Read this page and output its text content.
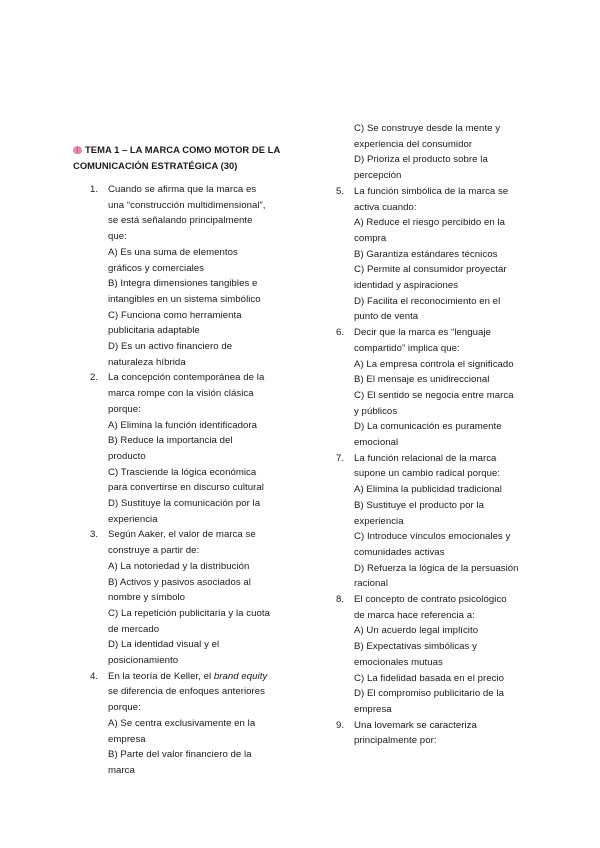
TEMA 1 – LA MARCA COMO MOTOR DE LA
COMUNICACIÓN ESTRATÉGICA (30)
1. Cuando se afirma que la marca es
una “construcción multidimensional”,
se está señalando principalmente
que:
A) Es una suma de elementos
gráficos y comerciales
B) Integra dimensiones tangibles e
intangibles en un sistema simbólico
C) Funciona como herramienta
publicitaria adaptable
D) Es un activo financiero de
naturaleza híbrida
2. La concepción contemporánea de la
marca rompe con la visión clásica
porque:
A) Elimina la función identificadora
B) Reduce la importancia del
producto
C) Trasciende la lógica económica
para convertirse en discurso cultural
D) Sustituye la comunicación por la
experiencia
3. Según Aaker, el valor de marca se
construye a partir de:
A) La notoriedad y la distribución
B) Activos y pasivos asociados al
nombre y símbolo
C) La repetición publicitaria y la cuota
de mercado
D) La identidad visual y el
posicionamiento
4. En la teoría de Keller, el brand equity
se diferencia de enfoques anteriores
porque:
A) Se centra exclusivamente en la
empresa
B) Parte del valor financiero de la
marca
C) Se construye desde la mente y
experiencia del consumidor
D) Prioriza el producto sobre la
percepción
5. La función simbólica de la marca se
activa cuando:
A) Reduce el riesgo percibido en la
compra
B) Garantiza estándares técnicos
C) Permite al consumidor proyectar
identidad y aspiraciones
D) Facilita el reconocimiento en el
punto de venta
6. Decir que la marca es “lenguaje
compartido” implica que:
A) La empresa controla el significado
B) El mensaje es unidireccional
C) El sentido se negocia entre marca
y públicos
D) La comunicación es puramente
emocional
7. La función relacional de la marca
supone un cambio radical porque:
A) Elimina la publicidad tradicional
B) Sustituye el producto por la
experiencia
C) Introduce vínculos emocionales y
comunidades activas
D) Refuerza la lógica de la persuasión
racional
8. El concepto de contrato psicológico
de marca hace referencia a:
A) Un acuerdo legal implícito
B) Expectativas simbólicas y
emocionales mutuas
C) La fidelidad basada en el precio
D) El compromiso publicitario de la
empresa
9. Una lovemark se caracteriza
principalmente por:
